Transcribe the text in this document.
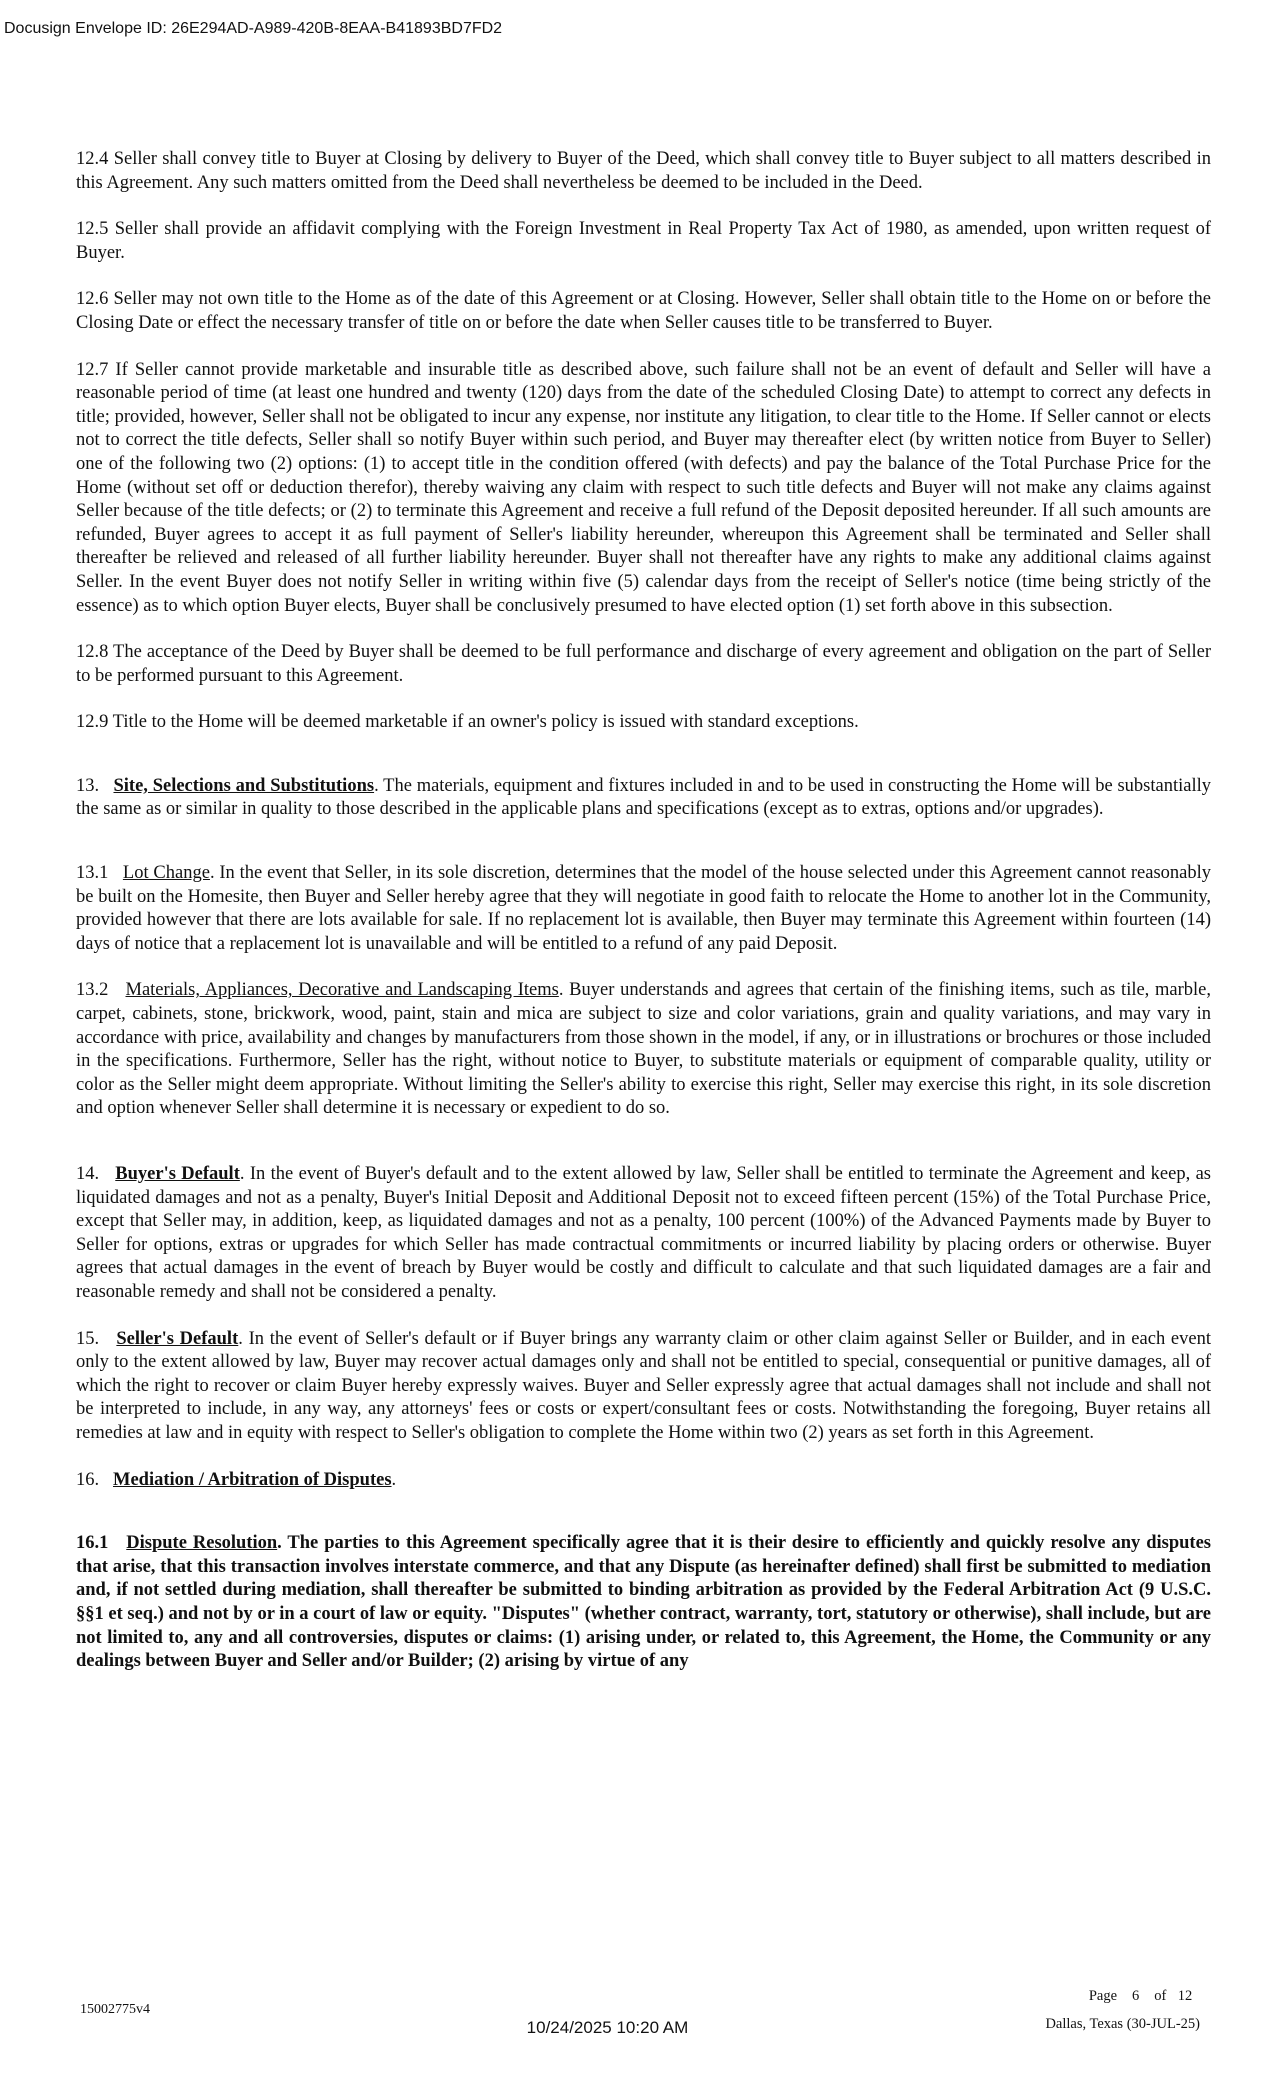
Docusign Envelope ID: 26E294AD-A989-420B-8EAA-B41893BD7FD2

12.4 Seller shall convey title to Buyer at Closing by delivery to Buyer of the Deed, which shall convey title to Buyer subject to all matters described in this Agreement. Any such matters omitted from the Deed shall nevertheless be deemed to be included in the Deed.

12.5 Seller shall provide an affidavit complying with the Foreign Investment in Real Property Tax Act of 1980, as amended, upon written request of Buyer.

12.6 Seller may not own title to the Home as of the date of this Agreement or at Closing. However, Seller shall obtain title to the Home on or before the Closing Date or effect the necessary transfer of title on or before the date when Seller causes title to be transferred to Buyer.

12.7 If Seller cannot provide marketable and insurable title as described above, such failure shall not be an event of default and Seller will have a reasonable period of time (at least one hundred and twenty (120) days from the date of the scheduled Closing Date) to attempt to correct any defects in title; provided, however, Seller shall not be obligated to incur any expense, nor institute any litigation, to clear title to the Home. If Seller cannot or elects not to correct the title defects, Seller shall so notify Buyer within such period, and Buyer may thereafter elect (by written notice from Buyer to Seller) one of the following two (2) options: (1) to accept title in the condition offered (with defects) and pay the balance of the Total Purchase Price for the Home (without set off or deduction therefor), thereby waiving any claim with respect to such title defects and Buyer will not make any claims against Seller because of the title defects; or (2) to terminate this Agreement and receive a full refund of the Deposit deposited hereunder. If all such amounts are refunded, Buyer agrees to accept it as full payment of Seller's liability hereunder, whereupon this Agreement shall be terminated and Seller shall thereafter be relieved and released of all further liability hereunder. Buyer shall not thereafter have any rights to make any additional claims against Seller. In the event Buyer does not notify Seller in writing within five (5) calendar days from the receipt of Seller's notice (time being strictly of the essence) as to which option Buyer elects, Buyer shall be conclusively presumed to have elected option (1) set forth above in this subsection.

12.8 The acceptance of the Deed by Buyer shall be deemed to be full performance and discharge of every agreement and obligation on the part of Seller to be performed pursuant to this Agreement.

12.9 Title to the Home will be deemed marketable if an owner's policy is issued with standard exceptions.

13. Site, Selections and Substitutions. The materials, equipment and fixtures included in and to be used in constructing the Home will be substantially the same as or similar in quality to those described in the applicable plans and specifications (except as to extras, options and/or upgrades).

13.1 Lot Change. In the event that Seller, in its sole discretion, determines that the model of the house selected under this Agreement cannot reasonably be built on the Homesite, then Buyer and Seller hereby agree that they will negotiate in good faith to relocate the Home to another lot in the Community, provided however that there are lots available for sale. If no replacement lot is available, then Buyer may terminate this Agreement within fourteen (14) days of notice that a replacement lot is unavailable and will be entitled to a refund of any paid Deposit.

13.2 Materials, Appliances, Decorative and Landscaping Items. Buyer understands and agrees that certain of the finishing items, such as tile, marble, carpet, cabinets, stone, brickwork, wood, paint, stain and mica are subject to size and color variations, grain and quality variations, and may vary in accordance with price, availability and changes by manufacturers from those shown in the model, if any, or in illustrations or brochures or those included in the specifications. Furthermore, Seller has the right, without notice to Buyer, to substitute materials or equipment of comparable quality, utility or color as the Seller might deem appropriate. Without limiting the Seller's ability to exercise this right, Seller may exercise this right, in its sole discretion and option whenever Seller shall determine it is necessary or expedient to do so.

14. Buyer's Default. In the event of Buyer's default and to the extent allowed by law, Seller shall be entitled to terminate the Agreement and keep, as liquidated damages and not as a penalty, Buyer's Initial Deposit and Additional Deposit not to exceed fifteen percent (15%) of the Total Purchase Price, except that Seller may, in addition, keep, as liquidated damages and not as a penalty, 100 percent (100%) of the Advanced Payments made by Buyer to Seller for options, extras or upgrades for which Seller has made contractual commitments or incurred liability by placing orders or otherwise. Buyer agrees that actual damages in the event of breach by Buyer would be costly and difficult to calculate and that such liquidated damages are a fair and reasonable remedy and shall not be considered a penalty.

15. Seller's Default. In the event of Seller's default or if Buyer brings any warranty claim or other claim against Seller or Builder, and in each event only to the extent allowed by law, Buyer may recover actual damages only and shall not be entitled to special, consequential or punitive damages, all of which the right to recover or claim Buyer hereby expressly waives. Buyer and Seller expressly agree that actual damages shall not include and shall not be interpreted to include, in any way, any attorneys' fees or costs or expert/consultant fees or costs. Notwithstanding the foregoing, Buyer retains all remedies at law and in equity with respect to Seller's obligation to complete the Home within two (2) years as set forth in this Agreement.

16. Mediation / Arbitration of Disputes.

16.1 Dispute Resolution. The parties to this Agreement specifically agree that it is their desire to efficiently and quickly resolve any disputes that arise, that this transaction involves interstate commerce, and that any Dispute (as hereinafter defined) shall first be submitted to mediation and, if not settled during mediation, shall thereafter be submitted to binding arbitration as provided by the Federal Arbitration Act (9 U.S.C. §§1 et seq.) and not by or in a court of law or equity. "Disputes" (whether contract, warranty, tort, statutory or otherwise), shall include, but are not limited to, any and all controversies, disputes or claims: (1) arising under, or related to, this Agreement, the Home, the Community or any dealings between Buyer and Seller and/or Builder; (2) arising by virtue of any

15002775v4
Page 6 of 12
Dallas, Texas (30-JUL-25)
10/24/2025 10:20 AM
